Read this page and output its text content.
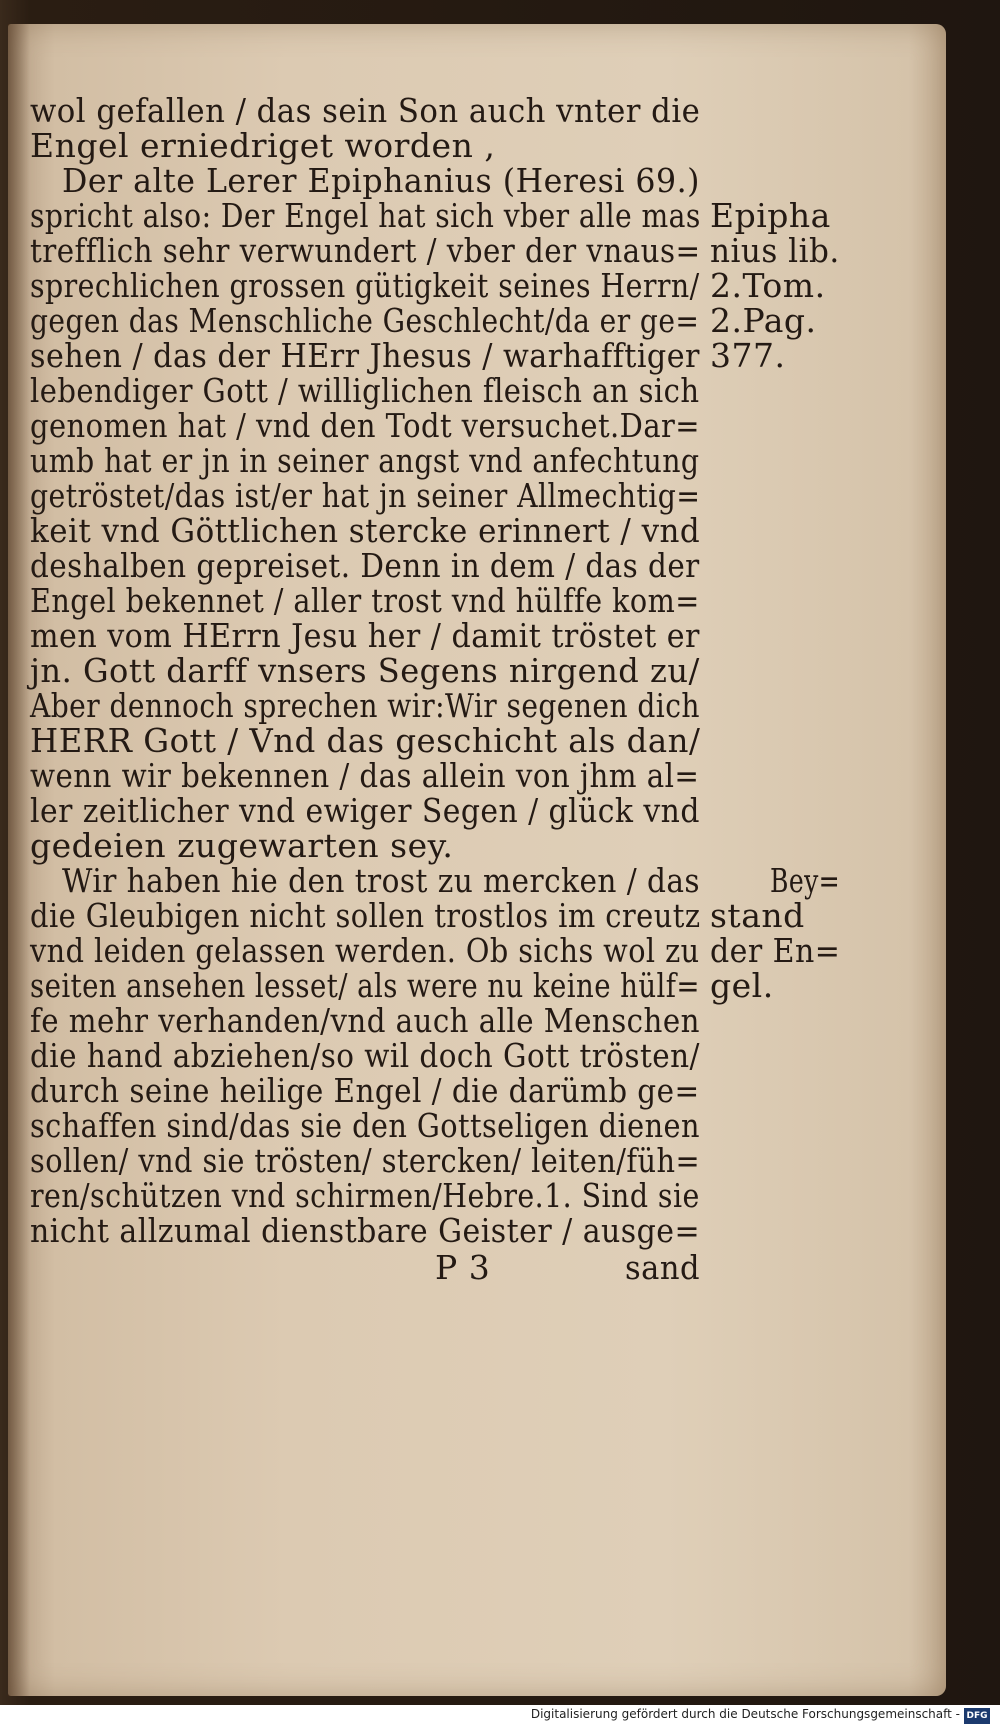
wol gefallen / das sein Son auch vnter die
Engel erniedriget worden ,
Der alte Lerer Epiphanius (Heresi 69.)
spricht also: Der Engel hat sich vber alle mas
trefflich sehr verwundert / vber der vnaus=
sprechlichen grossen gütigkeit seines Herrn/
gegen das Menschliche Geschlecht/da er ge=
sehen / das der HErr Jhesus / warhafftiger
lebendiger Gott / williglichen fleisch an sich
genomen hat / vnd den Todt versuchet.Dar=
umb hat er jn in seiner angst vnd anfechtung
getröstet/das ist/er hat jn seiner Allmechtig=
keit vnd Göttlichen stercke erinnert / vnd
deshalben gepreiset. Denn in dem / das der
Engel bekennet / aller trost vnd hülffe kom=
men vom HErrn Jesu her / damit tröstet er
jn. Gott darff vnsers Segens nirgend zu/
Aber dennoch sprechen wir:Wir segenen dich
HERR Gott / Vnd das geschicht als dan/
wenn wir bekennen / das allein von jhm al=
ler zeitlicher vnd ewiger Segen / glück vnd
gedeien zugewarten sey.
Wir haben hie den trost zu mercken / das
die Gleubigen nicht sollen trostlos im creutz
vnd leiden gelassen werden. Ob sichs wol zu
seiten ansehen lesset/ als were nu keine hülf=
fe mehr verhanden/vnd auch alle Menschen
die hand abziehen/so wil doch Gott trösten/
durch seine heilige Engel / die darümb ge=
schaffen sind/das sie den Gottseligen dienen
sollen/ vnd sie trösten/ stercken/ leiten/füh=
ren/schützen vnd schirmen/Hebre.1. Sind sie
nicht allzumal dienstbare Geister / ausge=
P 3	sand
Epipha
nius lib.
2.Tom.
2.Pag.
377.
Bey=
stand
der En=
gel.
Digitalisierung gefördert durch die Deutsche Forschungsgemeinschaft - DFG
